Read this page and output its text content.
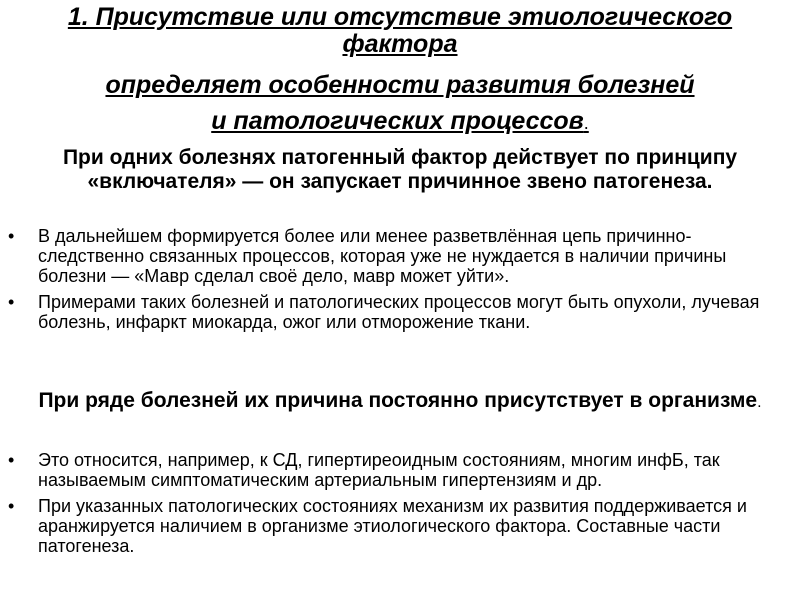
1. Присутствие или отсутствие этиологического фактора

определяет особенности развития болезней

и патологических процессов.

При одних болезнях патогенный фактор действует по принципу «включателя» — он запускает причинное звено патогенеза.

• В дальнейшем формируется более или менее разветвлённая цепь причинно-следственно связанных процессов, которая уже не нуждается в наличии причины болезни — «Мавр сделал своё дело, мавр может уйти».
• Примерами таких болезней и патологических процессов могут быть опухоли, лучевая болезнь, инфаркт миокарда, ожог или отморожение ткани.

При ряде болезней их причина постоянно присутствует в организме.

• Это относится, например, к СД, гипертиреоидным состояниям, многим инфБ, так называемым симптоматическим артериальным гипертензиям и др.
• При указанных патологических состояниях механизм их развития поддерживается и аранжируется наличием в организме этиологического фактора. Составные части патогенеза.
